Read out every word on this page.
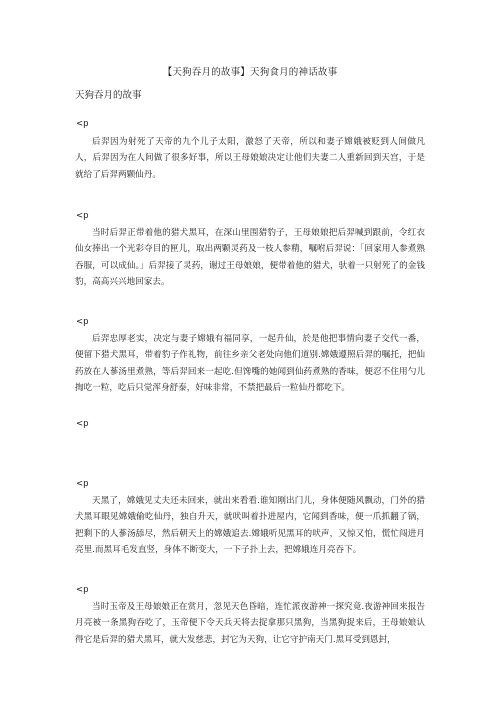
【天狗吞月的故事】天狗食月的神话故事
天狗吞月的故事
<p

后羿因为射死了天帝的九个儿子太阳，激怒了天帝，所以和妻子嫦娥被贬到人间做凡人，后羿因为在人间做了很多好事，所以王母娘娘决定让他们夫妻二人重新回到天宫，于是就给了后羿两颗仙丹。

<p

当时后羿正带着他的猎犬黑耳，在深山里围猎豹子，王母娘娘把后羿喊到跟前，令红衣仙女捧出一个光彩夺目的匣儿，取出两颗灵药及一枝人参精，嘱咐后羿说：「回家用人参煮熟吞服，可以成仙。」后羿接了灵药，谢过王母娘娘，便带着他的猎犬，驮着一只射死了的金钱豹，高高兴兴地回家去。

<p

后羿忠厚老实，决定与妻子嫦娥有福同享，一起升仙，於是他把事情向妻子交代一番，便留下猎犬黑耳，带着豹子作礼物，前往乡亲父老处向他们道别.嫦娥遵照后羿的嘱托，把仙药放在人蔘汤里煮熟，等后羿回来一起吃.但馋嘴的她闻到仙药煮熟的香味，便忍不住用勺儿掏吃一粒，吃后只觉浑身舒泰，好味非常，不禁把最后一粒仙丹都吃下。

<p
<p

天黑了，嫦娥见丈夫还未回来，就出来看看.谁知刚出门儿，身体便随风飘动，门外的猎犬黑耳眼见嫦娥偷吃仙丹，独自升天，就吠叫着扑进屋内，它闻到香味，便一爪抓翻了锅，把剩下的人蔘汤舔尽，然后朝天上的嫦娥追去.嫦娥听见黑耳的吠声，又惊又怕，慌忙闯进月亮里.而黑耳毛发直竖，身体不断变大，一下子扑上去，把嫦娥连月亮吞下。

<p

当时玉帝及王母娘娘正在赏月，忽见天色昏暗，连忙派夜游神一探究竟.夜游神回来报告月亮被一条黑狗吞吃了，玉帝便下令天兵天将去捉拿那只黑狗，当黑狗捉来后，王母娘娘认得它是后羿的猎犬黑耳，就大发慈悲，封它为天狗，让它守护南天门.黑耳受到恩封，
